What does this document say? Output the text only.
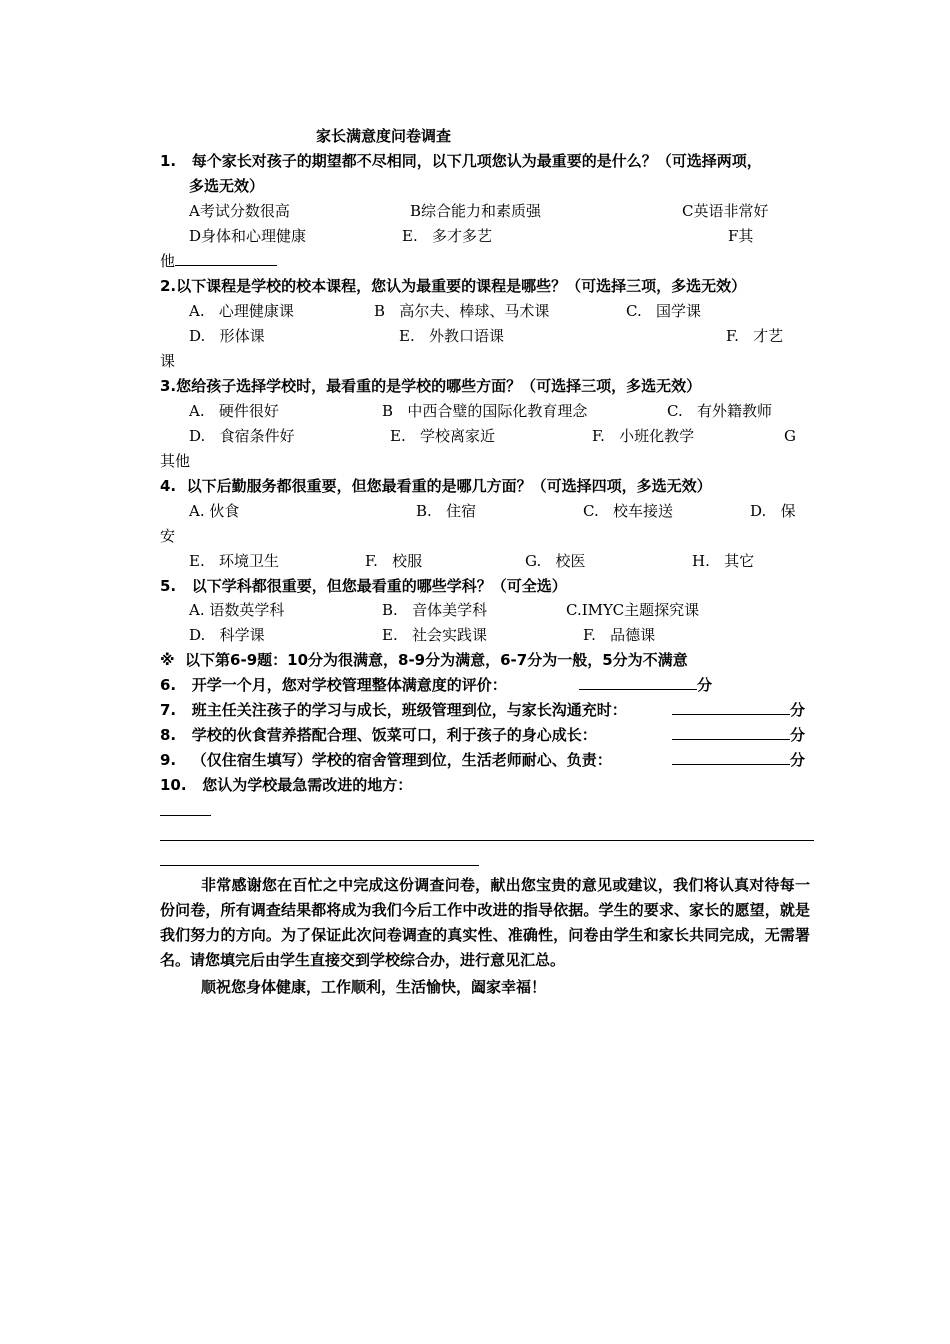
家长满意度问卷调查
1.   每个家长对孩子的期望都不尽相同，以下几项您认为最重要的是什么？（可选择两项，
多选无效）
A考试分数很高	B综合能力和素质强	C英语非常好
D身体和心理健康	E.   多才多艺	F其
他
2.以下课程是学校的校本课程，您认为最重要的课程是哪些？（可选择三项，多选无效）
A.   心理健康课	B   高尔夫、棒球、马术课	C.   国学课
D.   形体课	E.   外教口语课	F.   才艺
课
3.您给孩子选择学校时，最看重的是学校的哪些方面？（可选择三项，多选无效）
A.   硬件很好	B   中西合璧的国际化教育理念	C.   有外籍教师
D.   食宿条件好	E.   学校离家近	F.   小班化教学	G
其他
4.  以下后勤服务都很重要，但您最看重的是哪几方面？（可选择四项，多选无效）
A. 伙食	B.   住宿	C.   校车接送	D.   保
安
E.   环境卫生	F.   校服	G.   校医	H.   其它
5.   以下学科都很重要，但您最看重的哪些学科？（可全选）
A. 语数英学科	B.   音体美学科	C.IMYC主题探究课
D.   科学课	E.   社会实践课	F.   品德课
※  以下第6-9题：10分为很满意，8-9分为满意，6-7分为一般，5分为不满意
6.   开学一个月，您对学校管理整体满意度的评价：	分
7.   班主任关注孩子的学习与成长，班级管理到位，与家长沟通充时：	分
8.   学校的伙食营养搭配合理、饭菜可口，利于孩子的身心成长：	分
9.   （仅住宿生填写）学校的宿舍管理到位，生活老师耐心、负责：	分
10.   您认为学校最急需改进的地方：
非常感谢您在百忙之中完成这份调查问卷，献出您宝贵的意见或建议，我们将认真对待每一份问卷，所有调查结果都将成为我们今后工作中改进的指导依据。学生的要求、家长的愿望，就是我们努力的方向。为了保证此次问卷调查的真实性、准确性，问卷由学生和家长共同完成，无需署名。请您填完后由学生直接交到学校综合办，进行意见汇总。
顺祝您身体健康，工作顺利，生活愉快，阖家幸福！
